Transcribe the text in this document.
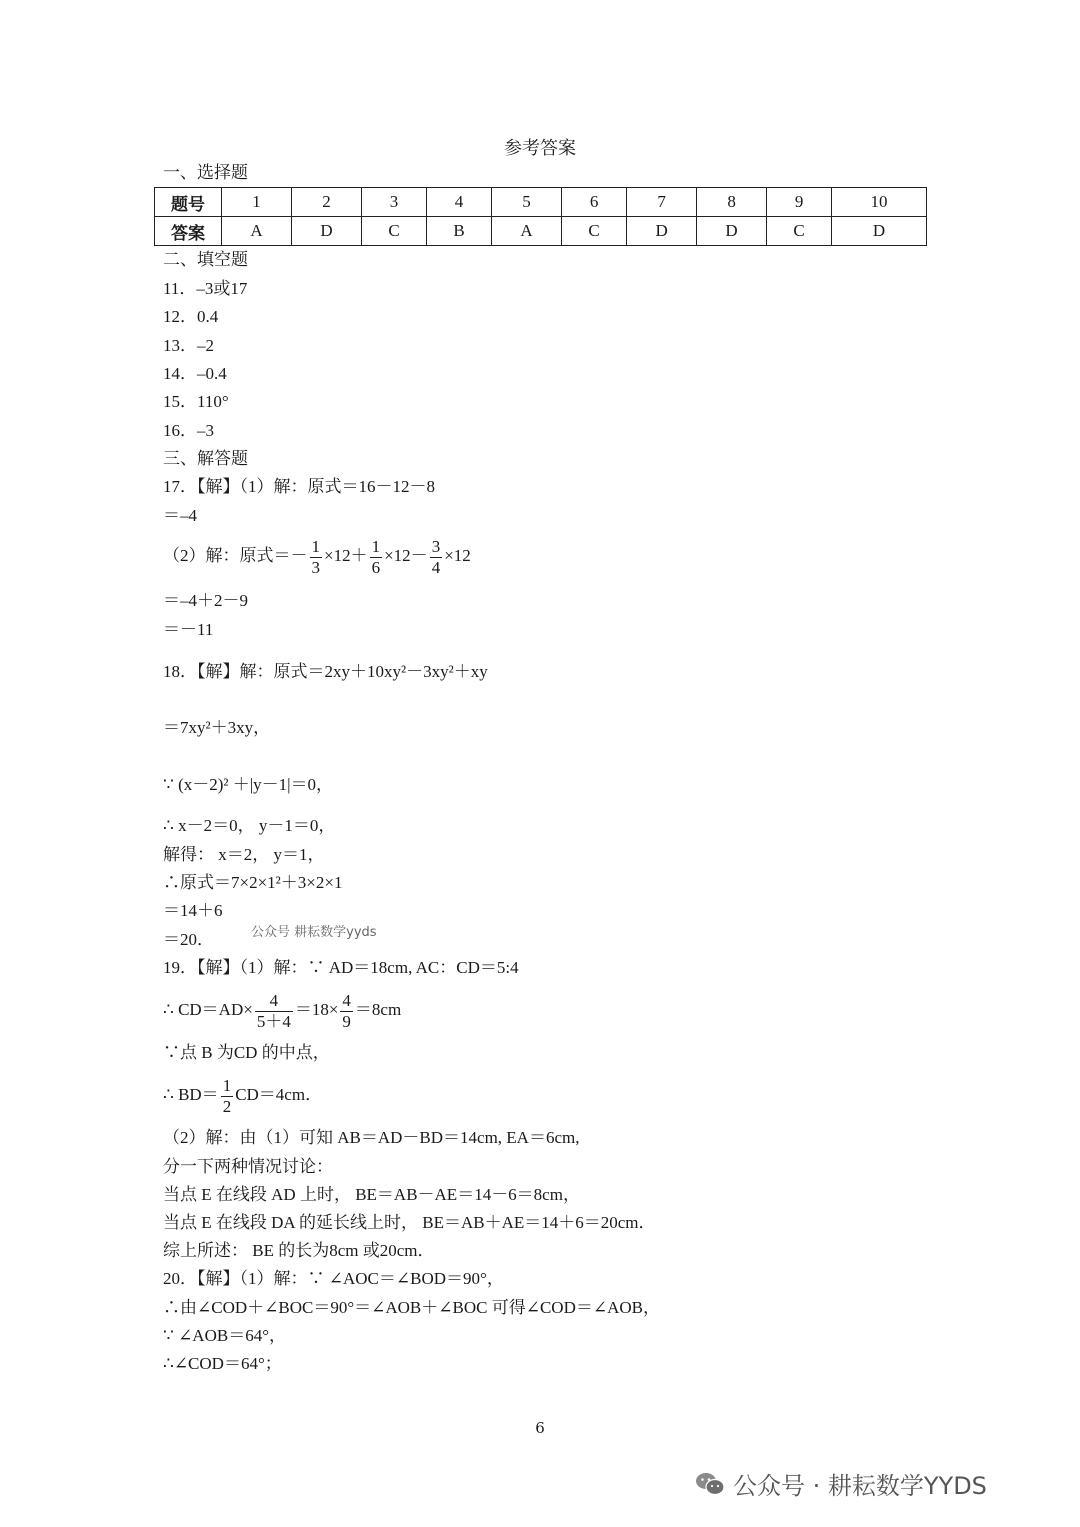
参考答案
一、选择题
题号	1	2	3	4	5	6	7	8	9	10
答案	A	D	C	B	A	C	D	D	C	D
二、填空题
11．–3或17
12．0.4
13．–2
14．–0.4
15．110°
16．–3
三、解答题
17．【解】（1）解：原式＝16－12－8
＝–4
（2）解：原式＝－ $\frac{1}{3} \times 12+ \frac{1}{6} \times 12- \frac{3}{4} \times 12$
＝–4＋2－9
＝－11
18．【解】解：原式＝2xy＋10xy²－3xy²＋xy
＝7xy²＋3xy，
∵ (x－2)² ＋|y－1|＝0，
∴ x－2＝0， y－1＝0，
解得： x＝2， y＝1，
∴原式＝7×2×1²＋3×2×1
＝14＋6
＝20．	公众号 耕耘数学yyds
19．【解】（1）解：∵ AD＝18cm, AC：CD＝5:4
∴ $CD=AD\times \frac{4}{5+4} =18\times \frac{4}{9} =8cm$
∵点 B 为CD 的中点，
∴ $BD= \frac{1}{2} CD=4cm$．
（2）解：由（1）可知 AB＝AD－BD＝14cm, EA＝6cm,
分一下两种情况讨论：
当点 E 在线段 AD 上时， BE＝AB－AE＝14－6＝8cm，
当点 E 在线段 DA 的延长线上时， BE＝AB＋AE＝14＋6＝20cm．
综上所述： BE 的长为8cm 或20cm．
20．【解】（1）解：∵ ∠AOC＝∠BOD＝90°，
∴由∠COD＋∠BOC＝90°＝∠AOB＋∠BOC 可得∠COD＝∠AOB，
∵ ∠AOB＝64°，
∴∠COD＝64°；
6
公众号 · 耕耘数学YYDS
